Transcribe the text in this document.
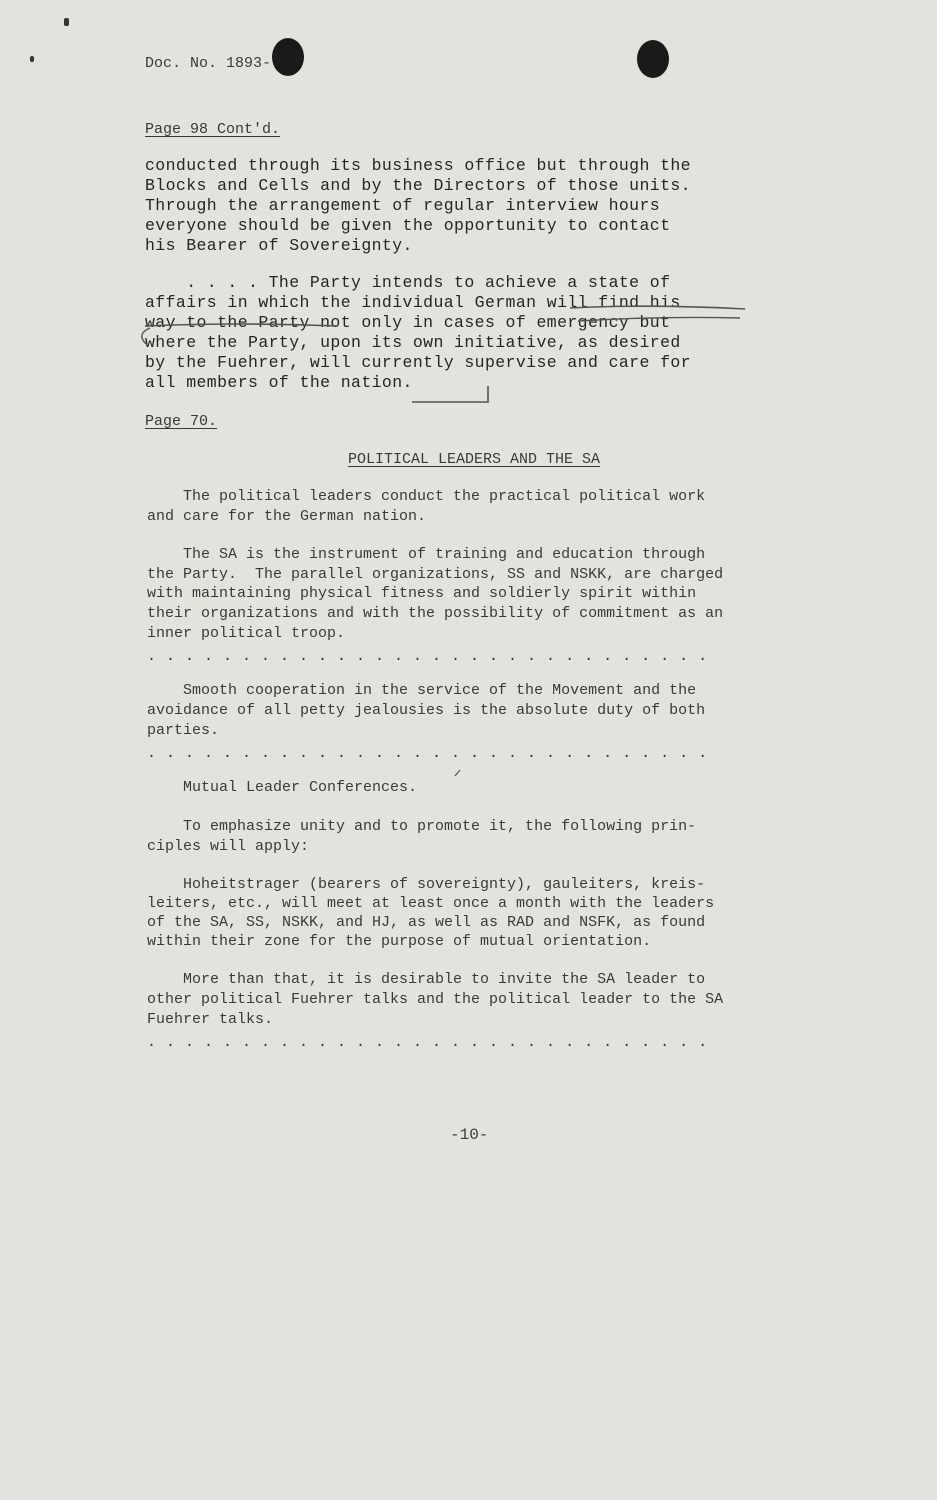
Doc. No. 1893-
Page 98 Cont'd.
conducted through its business office but through the
Blocks and Cells and by the Directors of those units.
Through the arrangement of regular interview hours
everyone should be given the opportunity to contact
his Bearer of Sovereignty.
. . . . The Party intends to achieve a state of
affairs in which the individual German will find his
way to the Party not only in cases of emergency but
where the Party, upon its own initiative, as desired
by the Fuehrer, will currently supervise and care for
all members of the nation.
Page 70.
POLITICAL LEADERS AND THE SA
The political leaders conduct the practical political work
and care for the German nation.
The SA is the instrument of training and education through
the Party.  The parallel organizations, SS and NSKK, are charged
with maintaining physical fitness and soldierly spirit within
their organizations and with the possibility of commitment as an
inner political troop.
. . . . . . . . . . . . . . . . . . . . . . . . . . . . . .
Smooth cooperation in the service of the Movement and the
avoidance of all petty jealousies is the absolute duty of both
parties.
. . . . . . . . . . . . . . . . . . . . . . . . . . . . . .
Mutual Leader Conferences.
To emphasize unity and to promote it, the following prin-
ciples will apply:
Hoheitstrager (bearers of sovereignty), gauleiters, kreis-
leiters, etc., will meet at least once a month with the leaders
of the SA, SS, NSKK, and HJ, as well as RAD and NSFK, as found
within their zone for the purpose of mutual orientation.
More than that, it is desirable to invite the SA leader to
other political Fuehrer talks and the political leader to the SA
Fuehrer talks.
. . . . . . . . . . . . . . . . . . . . . . . . . . . . . .
-10-
